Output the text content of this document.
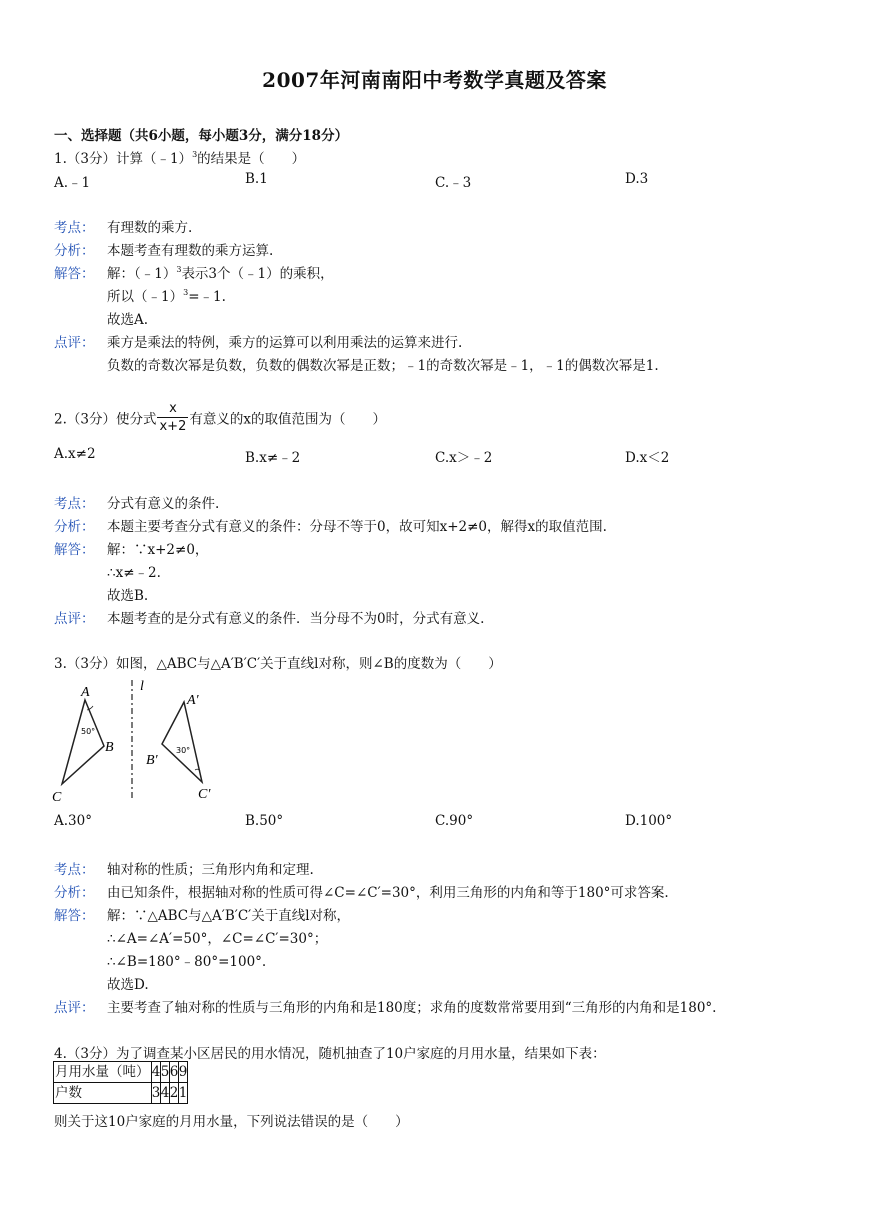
2007年河南南阳中考数学真题及答案
一、选择题（共6小题，每小题3分，满分18分）
1.（3分）计算（﹣1）$^3$的结果是（　　）
A.﹣1	B.1	C.﹣3	D.3
考点： 有理数的乘方.
分析： 本题考查有理数的乘方运算.
解答： 解：（﹣1）$^3$表示3个（﹣1）的乘积，
所以（﹣1）$^3$=﹣1.
故选A.
点评： 乘方是乘法的特例，乘方的运算可以利用乘法的运算来进行.
负数的奇数次幂是负数，负数的偶数次幂是正数；﹣1的奇数次幂是﹣1，﹣1的偶数次幂是1.
2.（3分）使分式 $\frac{x}{x+2}$ 有意义的x的取值范围为（　　）
A.x≠2	B.x≠﹣2	C.x＞﹣2	D.x＜2
考点： 分式有意义的条件.
分析： 本题主要考查分式有意义的条件：分母不等于0，故可知x+2≠0，解得x的取值范围.
解答： 解：∵x+2≠0，
∴x≠﹣2.
故选B.
点评： 本题考查的是分式有意义的条件．当分母不为0时，分式有意义.
3.（3分）如图，△ABC与△A′B′C′关于直线l对称，则∠B的度数为（　　）
l
50°
A
B
C
30°
A′
B′
C′
A.30°	B.50°	C.90°	D.100°
考点： 轴对称的性质；三角形内角和定理.
分析： 由已知条件，根据轴对称的性质可得∠C=∠C′=30°，利用三角形的内角和等于180°可求答案.
解答： 解：∵△ABC与△A′B′C′关于直线l对称，
∴∠A=∠A′=50°，∠C=∠C′=30°；
∴∠B=180°﹣80°=100°.
故选D.
点评： 主要考查了轴对称的性质与三角形的内角和是180度；求角的度数常常要用到“三角形的内角和是180°.
4.（3分）为了调查某小区居民的用水情况，随机抽查了10户家庭的月用水量，结果如下表：
月用水量（吨）	4	5	6	9
户数	3	4	2	1
则关于这10户家庭的月用水量，下列说法错误的是（　　）
